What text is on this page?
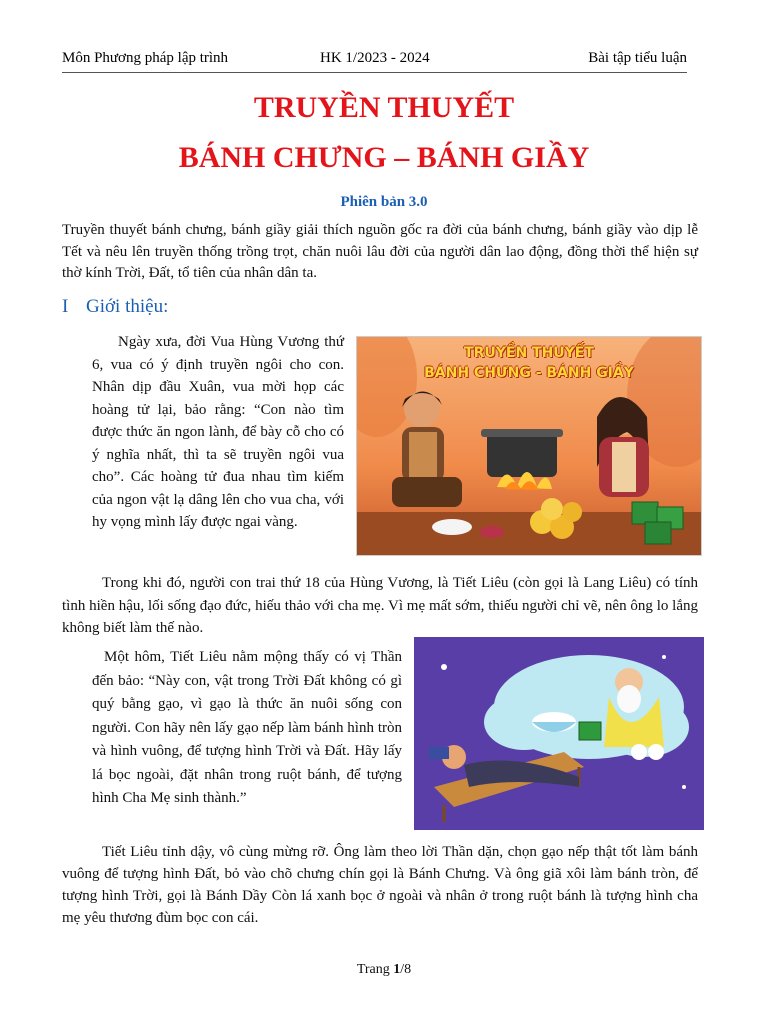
Môn Phương pháp lập trình	HK 1/2023 - 2024	Bài tập tiểu luận
TRUYỀN THUYẾT
BÁNH CHƯNG – BÁNH GIẦY
Phiên bản 3.0
Truyền thuyết bánh chưng, bánh giầy giải thích nguồn gốc ra đời của bánh chưng, bánh giầy vào dịp lễ Tết và nêu lên truyền thống trồng trọt, chăn nuôi lâu đời của người dân lao động, đồng thời thể hiện sự thờ kính Trời, Đất, tổ tiên của nhân dân ta.
I Giới thiệu:
Ngày xưa, đời Vua Hùng Vương thứ 6, vua có ý định truyền ngôi cho con. Nhân dịp đầu Xuân, vua mời họp các hoàng tử lại, bảo rằng: “Con nào tìm được thức ăn ngon lành, để bày cỗ cho có ý nghĩa nhất, thì ta sẽ truyền ngôi vua cho”. Các hoàng tử đua nhau tìm kiếm của ngon vật lạ dâng lên cho vua cha, với hy vọng mình lấy được ngai vàng.
TRUYỀN THUYẾT
BÁNH CHƯNG - BÁNH GIẦY
Trong khi đó, người con trai thứ 18 của Hùng Vương, là Tiết Liêu (còn gọi là Lang Liêu) có tính tình hiền hậu, lối sống đạo đức, hiếu thảo với cha mẹ. Vì mẹ mất sớm, thiếu người chỉ vẽ, nên ông lo lắng không biết làm thế nào.
Một hôm, Tiết Liêu nằm mộng thấy có vị Thần đến bảo: “Này con, vật trong Trời Đất không có gì quý bằng gạo, vì gạo là thức ăn nuôi sống con người. Con hãy nên lấy gạo nếp làm bánh hình tròn và hình vuông, để tượng hình Trời và Đất. Hãy lấy lá bọc ngoài, đặt nhân trong ruột bánh, để tượng hình Cha Mẹ sinh thành.”
Tiết Liêu tỉnh dậy, vô cùng mừng rỡ. Ông làm theo lời Thần dặn, chọn gạo nếp thật tốt làm bánh vuông để tượng hình Đất, bỏ vào chõ chưng chín gọi là Bánh Chưng. Và ông giã xôi làm bánh tròn, để tượng hình Trời, gọi là Bánh Dầy Còn lá xanh bọc ở ngoài và nhân ở trong ruột bánh là tượng hình cha mẹ yêu thương đùm bọc con cái.
Trang 1/8
